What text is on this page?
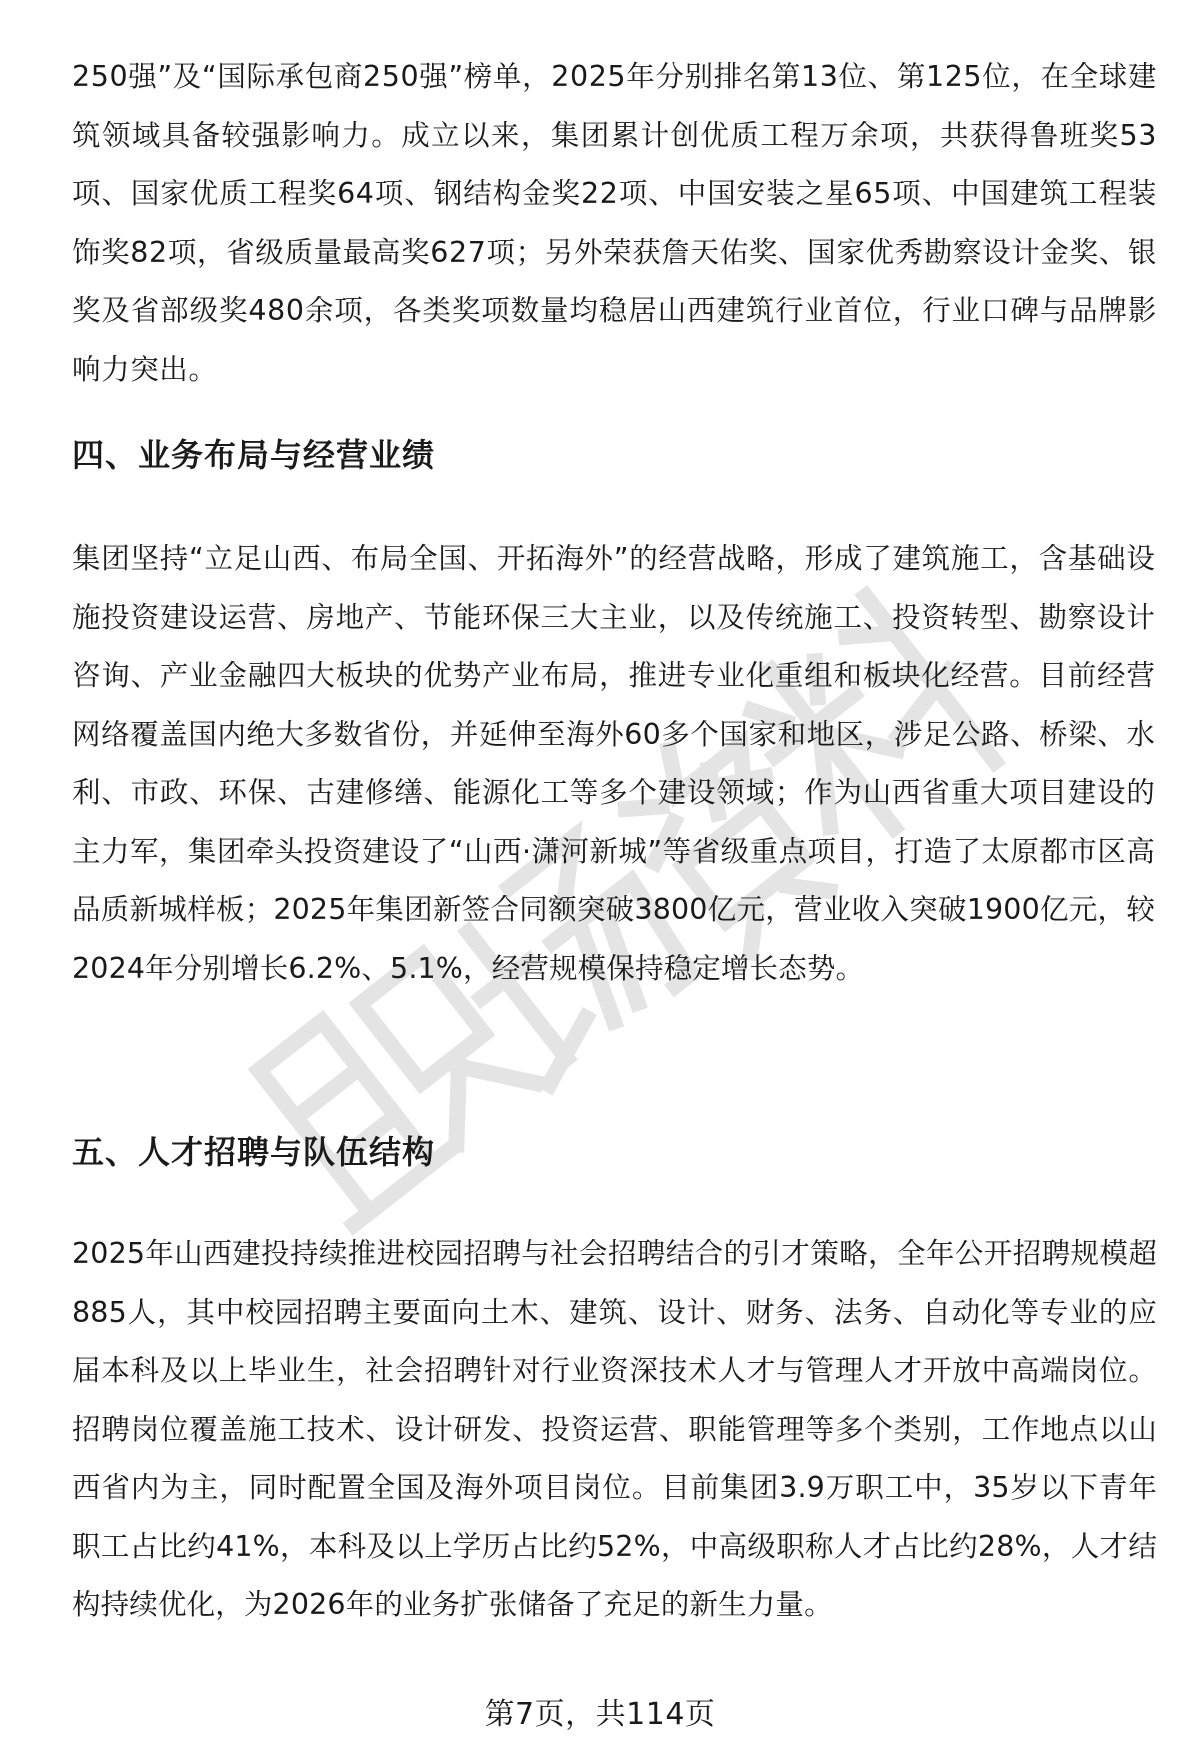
250强”及“国际承包商250强”榜单，2025年分别排名第13位、第125位，在全球建筑领域具备较强影响力。成立以来，集团累计创优质工程万余项，共获得鲁班奖53项、国家优质工程奖64项、钢结构金奖22项、中国安装之星65项、中国建筑工程装饰奖82项，省级质量最高奖627项；另外荣获詹天佑奖、国家优秀勘察设计金奖、银奖及省部级奖480余项，各类奖项数量均稳居山西建筑行业首位，行业口碑与品牌影响力突出。

四、业务布局与经营业绩

集团坚持“立足山西、布局全国、开拓海外”的经营战略，形成了建筑施工，含基础设施投资建设运营、房地产、节能环保三大主业，以及传统施工、投资转型、勘察设计咨询、产业金融四大板块的优势产业布局，推进专业化重组和板块化经营。目前经营网络覆盖国内绝大多数省份，并延伸至海外60多个国家和地区，涉足公路、桥梁、水利、市政、环保、古建修缮、能源化工等多个建设领域；作为山西省重大项目建设的主力军，集团牵头投资建设了“山西·潇河新城”等省级重点项目，打造了太原都市区高品质新城样板；2025年集团新签合同额突破3800亿元，营业收入突破1900亿元，较2024年分别增长6.2%、5.1%，经营规模保持稳定增长态势。

五、人才招聘与队伍结构

2025年山西建投持续推进校园招聘与社会招聘结合的引才策略，全年公开招聘规模超885人，其中校园招聘主要面向土木、建筑、设计、财务、法务、自动化等专业的应届本科及以上毕业生，社会招聘针对行业资深技术人才与管理人才开放中高端岗位。招聘岗位覆盖施工技术、设计研发、投资运营、职能管理等多个类别，工作地点以山西省内为主，同时配置全国及海外项目岗位。目前集团3.9万职工中，35岁以下青年职工占比约41%，本科及以上学历占比约52%，中高级职称人才占比约28%，人才结构持续优化，为2026年的业务扩张储备了充足的新生力量。

第7页，共114页
